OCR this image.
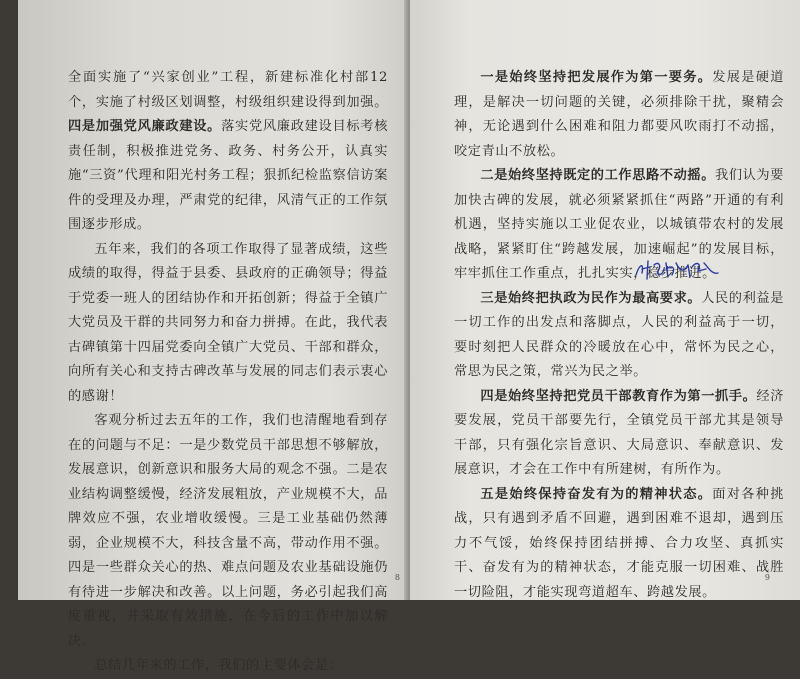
全面实施了“兴家创业”工程，新建标准化村部12个，实施了村级区划调整，村级组织建设得到加强。四是加强党风廉政建设。落实党风廉政建设目标考核责任制，积极推进党务、政务、村务公开，认真实施“三资”代理和阳光村务工程；狠抓纪检监察信访案件的受理及办理，严肃党的纪律，风清气正的工作氛围逐步形成。

五年来，我们的各项工作取得了显著成绩，这些成绩的取得，得益于县委、县政府的正确领导；得益于党委一班人的团结协作和开拓创新；得益于全镇广大党员及干群的共同努力和奋力拼搏。在此，我代表古碑镇第十四届党委向全镇广大党员、干部和群众，向所有关心和支持古碑改革与发展的同志们表示衷心的感谢！

客观分析过去五年的工作，我们也清醒地看到存在的问题与不足：一是少数党员干部思想不够解放，发展意识，创新意识和服务大局的观念不强。二是农业结构调整缓慢，经济发展粗放，产业规模不大，品牌效应不强，农业增收缓慢。三是工业基础仍然薄弱，企业规模不大，科技含量不高，带动作用不强。四是一些群众关心的热、难点问题及农业基础设施仍有待进一步解决和改善。以上问题，务必引起我们高度重视，并采取有效措施，在今后的工作中加以解决。

总结几年来的工作，我们的主要体会是：

8

一是始终坚持把发展作为第一要务。发展是硬道理，是解决一切问题的关键，必须排除干扰，聚精会神，无论遇到什么困难和阻力都要风吹雨打不动摇，咬定青山不放松。

二是始终坚持既定的工作思路不动摇。我们认为要加快古碑的发展，就必须紧紧抓住“两路”开通的有利机遇，坚持实施以工业促农业，以城镇带农村的发展战略，紧紧盯住“跨越发展，加速崛起”的发展目标，牢牢抓住工作重点，扎扎实实，稳步推进。

三是始终把执政为民作为最高要求。人民的利益是一切工作的出发点和落脚点，人民的利益高于一切，要时刻把人民群众的冷暖放在心中，常怀为民之心，常思为民之策，常兴为民之举。

四是始终坚持把党员干部教育作为第一抓手。经济要发展，党员干部要先行，全镇党员干部尤其是领导干部，只有强化宗旨意识、大局意识、奉献意识、发展意识，才会在工作中有所建树，有所作为。

五是始终保持奋发有为的精神状态。面对各种挑战，只有遇到矛盾不回避，遇到困难不退却，遇到压力不气馁，始终保持团结拼搏、合力攻坚、真抓实干、奋发有为的精神状态，才能克服一切困难、战胜一切险阻，才能实现弯道超车、跨越发展。

9
